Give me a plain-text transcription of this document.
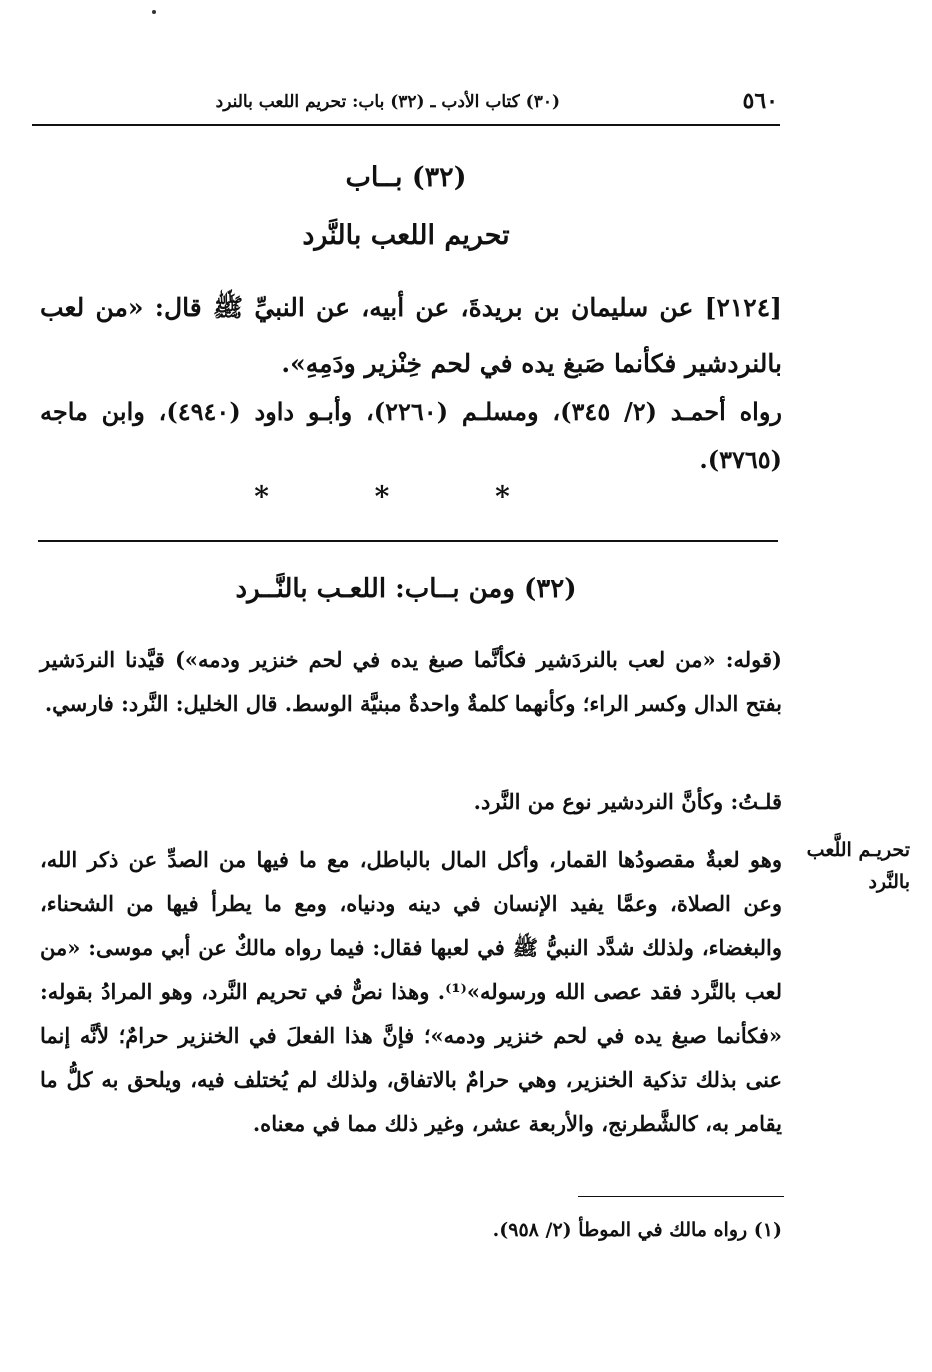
٥٦٠
(٣٠) كتاب الأدب ـ (٣٢) باب: تحريم اللعب بالنرد
(٣٢) بــاب
تحريم اللعب بالنَّرد
[٢١٢٤] عن سليمان بن بريدةَ، عن أبيه، عن النبيِّ ﷺ قال: «من لعب بالنردشير فكأنما صَبغ يده في لحم خِنْزير ودَمِهِ».
رواه أحمـد (٢/ ٣٤٥)، ومسلـم (٢٢٦٠)، وأبـو داود (٤٩٤٠)، وابن ماجه (٣٧٦٥).
* * *
(٣٢) ومن بــاب: اللعـب بالنَّــرد
(قوله: «من لعب بالنردَشير فكأنَّما صبغ يده في لحم خنزير ودمه») قيَّدنا النردَشير بفتح الدال وكسر الراء؛ وكأنهما كلمةٌ واحدةٌ مبنيَّة الوسط. قال الخليل: النَّرد: فارسي.
قلـتُ: وكأنَّ النردشير نوع من النَّرد.
وهو لعبةٌ مقصودُها القمار، وأكل المال بالباطل، مع ما فيها من الصدِّ عن ذكر الله، وعن الصلاة، وعمَّا يفيد الإنسان في دينه ودنياه، ومع ما يطرأ فيها من الشحناء، والبغضاء، ولذلك شدَّد النبيُّ ﷺ في لعبها فقال: فيما رواه مالكٌ عن أبي موسى: «من لعب بالنَّرد فقد عصى الله ورسوله»⁽¹⁾. وهذا نصٌّ في تحريم النَّرد، وهو المرادُ بقوله: «فكأنما صبغ يده في لحم خنزير ودمه»؛ فإنَّ هذا الفعلَ في الخنزير حرامٌ؛ لأنَّه إنما عنى بذلك تذكية الخنزير، وهي حرامٌ بالاتفاق، ولذلك لم يُختلف فيه، ويلحق به كلُّ ما يقامر به، كالشَّطرنج، والأربعة عشر، وغير ذلك مما في معناه.
تحريـم اللَّعب بالنَّرد
(١) رواه مالك في الموطأ (٢/ ٩٥٨).
